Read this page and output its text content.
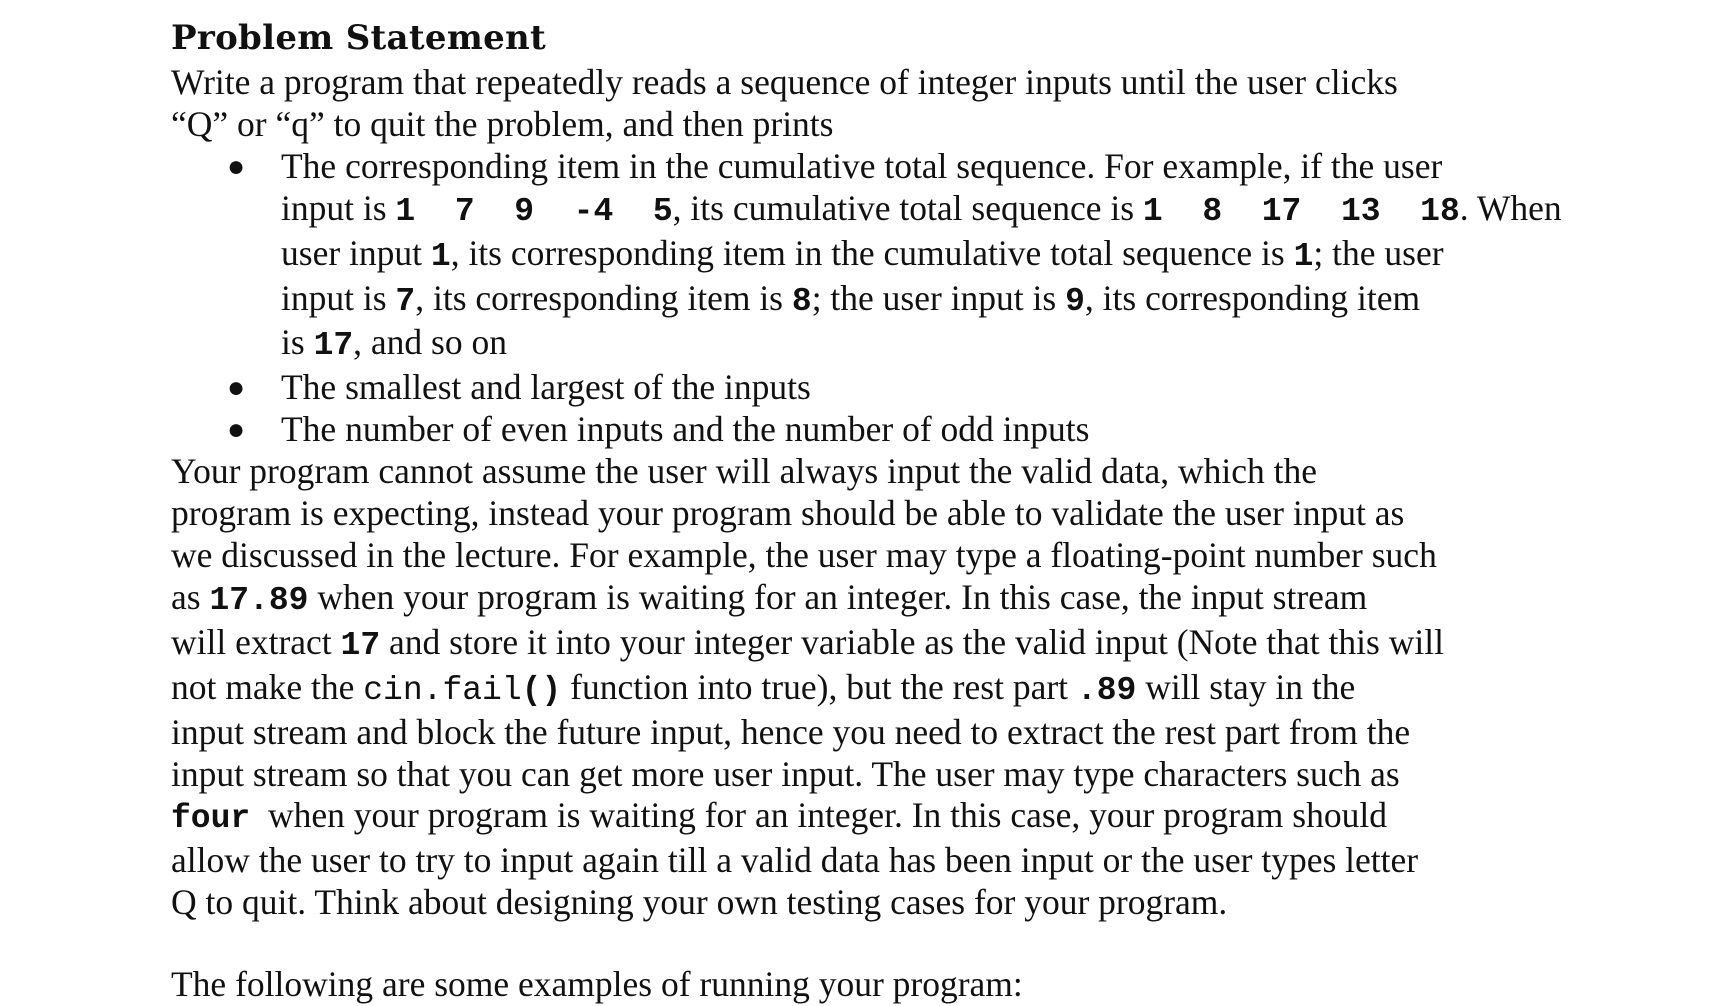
Problem Statement
Write a program that repeatedly reads a sequence of integer inputs until the user clicks
“Q” or “q” to quit the problem, and then prints
● The corresponding item in the cumulative total sequence. For example, if the user
input is 1  7  9  -4  5, its cumulative total sequence is 1  8  17  13  18. When
user input 1, its corresponding item in the cumulative total sequence is 1; the user
input is 7, its corresponding item is 8; the user input is 9, its corresponding item
is 17, and so on
● The smallest and largest of the inputs
● The number of even inputs and the number of odd inputs
Your program cannot assume the user will always input the valid data, which the
program is expecting, instead your program should be able to validate the user input as
we discussed in the lecture. For example, the user may type a floating-point number such
as 17.89 when your program is waiting for an integer. In this case, the input stream
will extract 17 and store it into your integer variable as the valid input (Note that this will
not make the cin.fail() function into true), but the rest part .89 will stay in the
input stream and block the future input, hence you need to extract the rest part from the
input stream so that you can get more user input. The user may type characters such as
four  when your program is waiting for an integer. In this case, your program should
allow the user to try to input again till a valid data has been input or the user types letter
Q to quit. Think about designing your own testing cases for your program.
The following are some examples of running your program:
